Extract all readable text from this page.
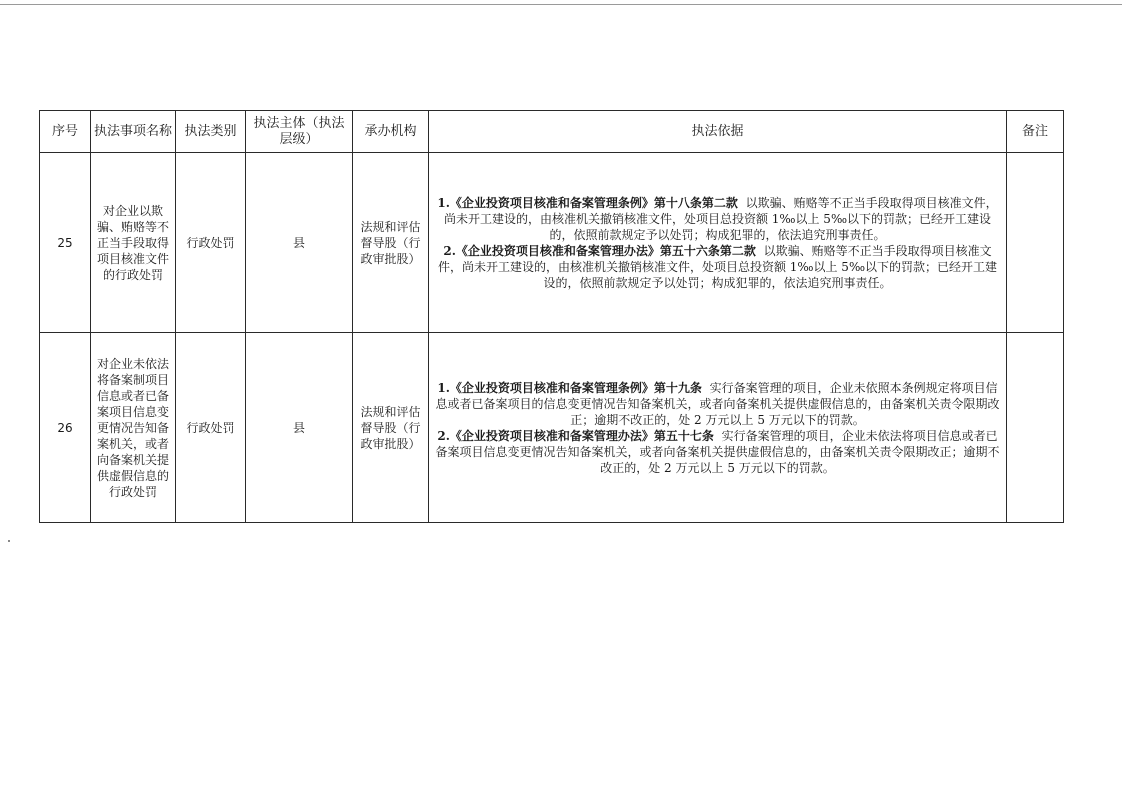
序号	执法事项名称	执法类别	执法主体（执法层级）	承办机构	执法依据	备注
25	对企业以欺骗、贿赂等不正当手段取得项目核准文件的行政处罚	行政处罚	县	法规和评估督导股（行政审批股）	1.《企业投资项目核准和备案管理条例》第十八条第二款 以欺骗、贿赂等不正当手段取得项目核准文件，尚未开工建设的，由核准机关撤销核准文件，处项目总投资额 1‰以上 5‰以下的罚款；已经开工建设的，依照前款规定予以处罚；构成犯罪的，依法追究刑事责任。

2.《企业投资项目核准和备案管理办法》第五十六条第二款 以欺骗、贿赂等不正当手段取得项目核准文件，尚未开工建设的，由核准机关撤销核准文件，处项目总投资额 1‰以上 5‰以下的罚款；已经开工建设的，依照前款规定予以处罚；构成犯罪的，依法追究刑事责任。	

26	对企业未依法将备案制项目信息或者已备案项目信息变更情况告知备案机关，或者向备案机关提供虚假信息的行政处罚	行政处罚	县	法规和评估督导股（行政审批股）	1.《企业投资项目核准和备案管理条例》第十九条 实行备案管理的项目，企业未依照本条例规定将项目信息或者已备案项目的信息变更情况告知备案机关，或者向备案机关提供虚假信息的，由备案机关责令限期改正；逾期不改正的，处 2 万元以上 5 万元以下的罚款。

2.《企业投资项目核准和备案管理办法》第五十七条 实行备案管理的项目，企业未依法将项目信息或者已备案项目信息变更情况告知备案机关，或者向备案机关提供虚假信息的，由备案机关责令限期改正；逾期不改正的，处 2 万元以上 5 万元以下的罚款。	
